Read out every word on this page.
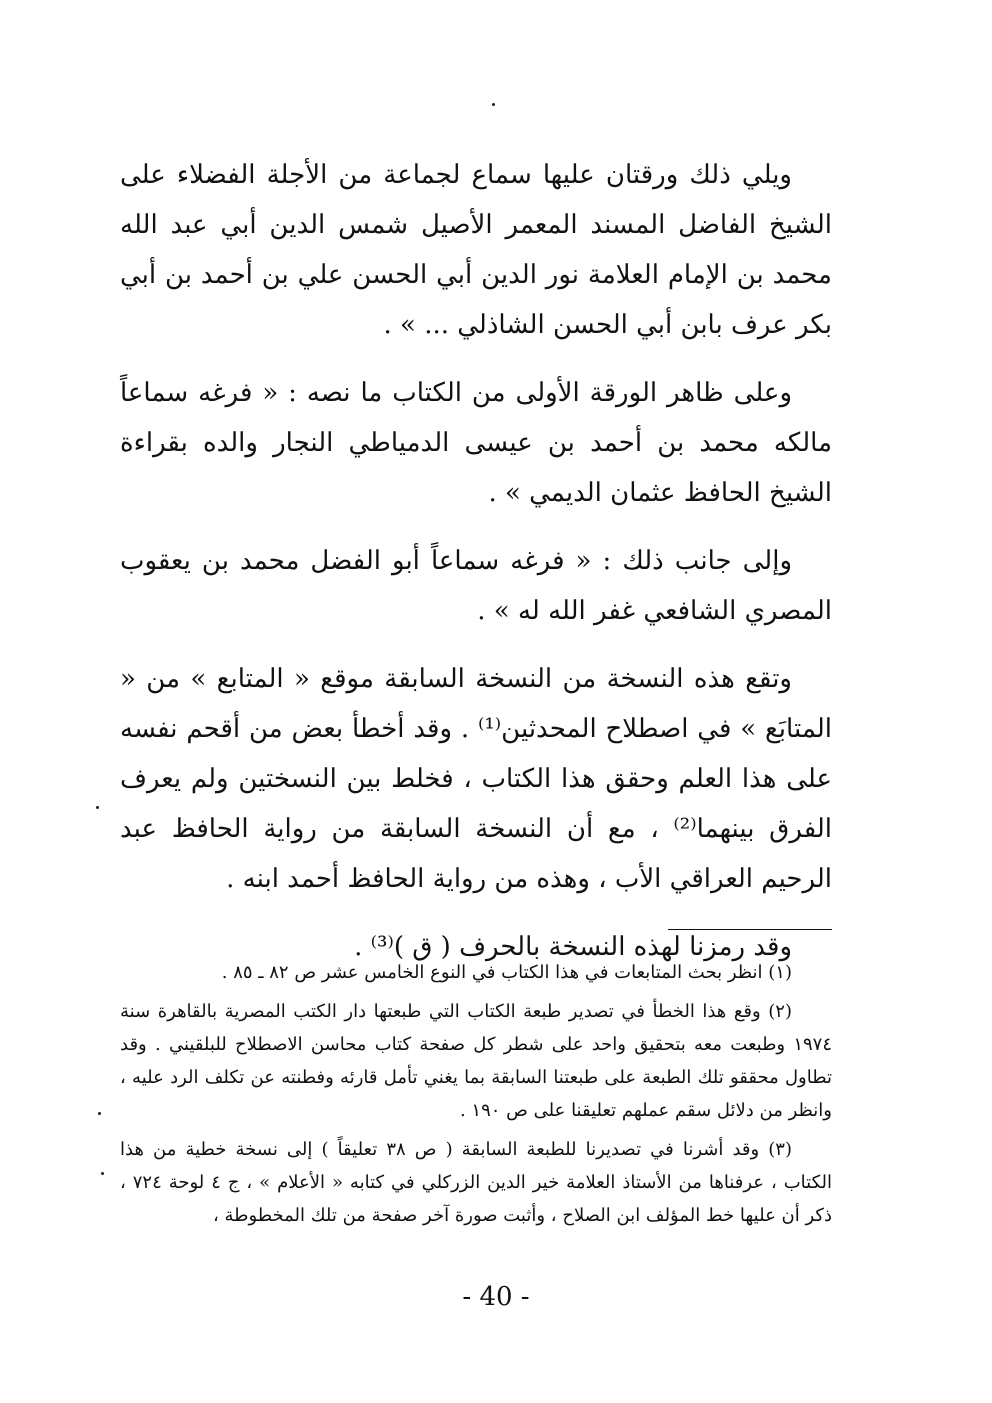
ويلي ذلك ورقتان عليها سماع لجماعة من الأجلة الفضلاء على الشيخ الفاضل المسند المعمر الأصيل شمس الدين أبي عبد الله محمد بن الإمام العلامة نور الدين أبي الحسن علي بن أحمد بن أبي بكر عرف بابن أبي الحسن الشاذلي ... » .

وعلى ظاهر الورقة الأولى من الكتاب ما نصه : « فرغه سماعاً مالكه محمد بن أحمد بن عيسى الدمياطي النجار والده بقراءة الشيخ الحافظ عثمان الديمي » .

وإلى جانب ذلك : « فرغه سماعاً أبو الفضل محمد بن يعقوب المصري الشافعي غفر الله له » .

وتقع هذه النسخة من النسخة السابقة موقع « المتابع » من « المتابَع » في اصطلاح المحدثين⁽¹⁾ . وقد أخطأ بعض من أقحم نفسه على هذا العلم وحقق هذا الكتاب ، فخلط بين النسختين ولم يعرف الفرق بينهما⁽²⁾ ، مع أن النسخة السابقة من رواية الحافظ عبد الرحيم العراقي الأب ، وهذه من رواية الحافظ أحمد ابنه .

وقد رمزنا لهذه النسخة بالحرف ( ق )⁽³⁾ .

(١) انظر بحث المتابعات في هذا الكتاب في النوع الخامس عشر ص ٨٢ ـ ٨٥ .

(٢) وقع هذا الخطأ في تصدير طبعة الكتاب التي طبعتها دار الكتب المصرية بالقاهرة سنة ١٩٧٤ وطبعت معه بتحقيق واحد على شطر كل صفحة كتاب محاسن الاصطلاح للبلقيني . وقد تطاول محققو تلك الطبعة على طبعتنا السابقة بما يغني تأمل قارئه وفطنته عن تكلف الرد عليه ، وانظر من دلائل سقم عملهم تعليقنا على ص ١٩٠ .

(٣) وقد أشرنا في تصديرنا للطبعة السابقة ( ص ٣٨ تعليقاً ) إلى نسخة خطية من هذا الكتاب ، عرفناها من الأستاذ العلامة خير الدين الزركلي في كتابه « الأعلام » ، ج ٤ لوحة ٧٢٤ ، ذكر أن عليها خط المؤلف ابن الصلاح ، وأثبت صورة آخر صفحة من تلك المخطوطة ،

- 40 -
